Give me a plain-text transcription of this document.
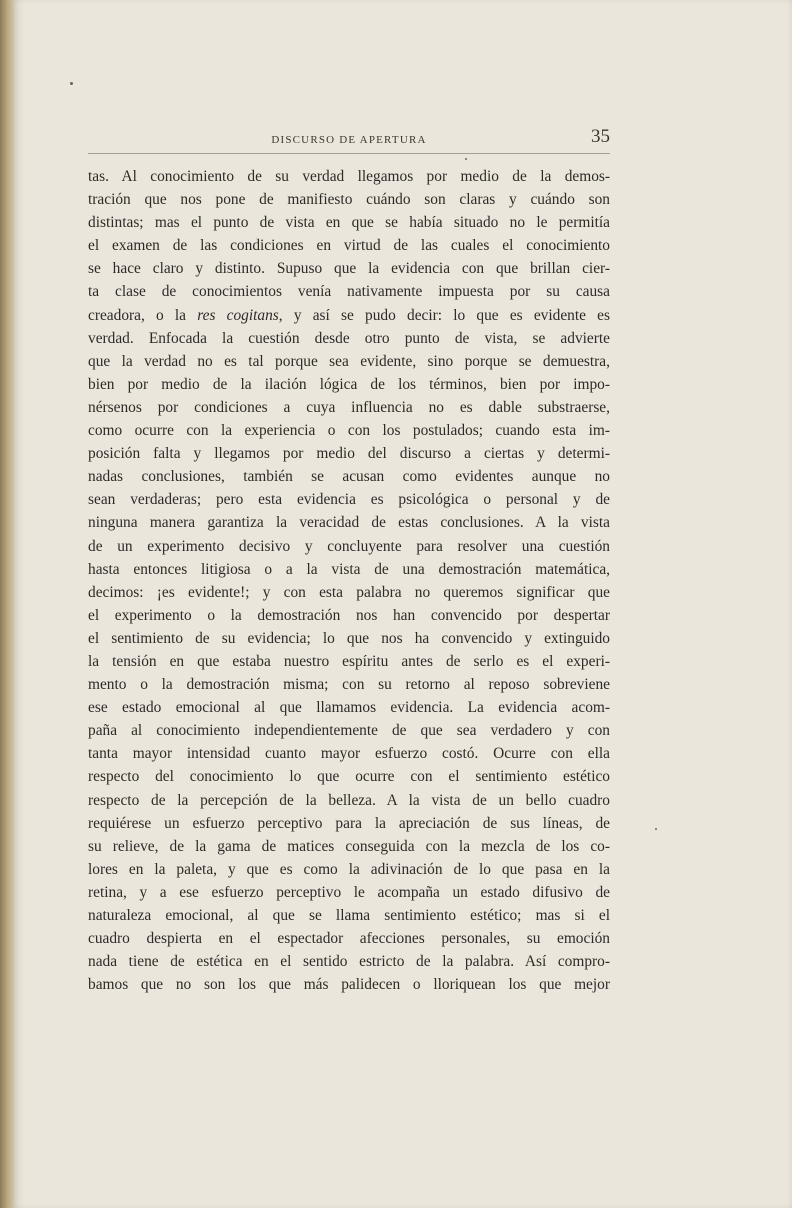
DISCURSO DE APERTURA	35
tas. Al conocimiento de su verdad llegamos por medio de la demos-
tración que nos pone de manifiesto cuándo son claras y cuándo son
distintas; mas el punto de vista en que se había situado no le permitía
el examen de las condiciones en virtud de las cuales el conocimiento
se hace claro y distinto. Supuso que la evidencia con que brillan cier-
ta clase de conocimientos venía nativamente impuesta por su causa
creadora, o la res cogitans, y así se pudo decir: lo que es evidente es
verdad. Enfocada la cuestión desde otro punto de vista, se advierte
que la verdad no es tal porque sea evidente, sino porque se demuestra,
bien por medio de la ilación lógica de los términos, bien por impo-
nérsenos por condiciones a cuya influencia no es dable substraerse,
como ocurre con la experiencia o con los postulados; cuando esta im-
posición falta y llegamos por medio del discurso a ciertas y determi-
nadas conclusiones, también se acusan como evidentes aunque no
sean verdaderas; pero esta evidencia es psicológica o personal y de
ninguna manera garantiza la veracidad de estas conclusiones. A la vista
de un experimento decisivo y concluyente para resolver una cuestión
hasta entonces litigiosa o a la vista de una demostración matemática,
decimos: ¡es evidente!; y con esta palabra no queremos significar que
el experimento o la demostración nos han convencido por despertar
el sentimiento de su evidencia; lo que nos ha convencido y extinguido
la tensión en que estaba nuestro espíritu antes de serlo es el experi-
mento o la demostración misma; con su retorno al reposo sobreviene
ese estado emocional al que llamamos evidencia. La evidencia acom-
paña al conocimiento independientemente de que sea verdadero y con
tanta mayor intensidad cuanto mayor esfuerzo costó. Ocurre con ella
respecto del conocimiento lo que ocurre con el sentimiento estético
respecto de la percepción de la belleza. A la vista de un bello cuadro
requiérese un esfuerzo perceptivo para la apreciación de sus líneas, de
su relieve, de la gama de matices conseguida con la mezcla de los co-
lores en la paleta, y que es como la adivinación de lo que pasa en la
retina, y a ese esfuerzo perceptivo le acompaña un estado difusivo de
naturaleza emocional, al que se llama sentimiento estético; mas si el
cuadro despierta en el espectador afecciones personales, su emoción
nada tiene de estética en el sentido estricto de la palabra. Así compro-
bamos que no son los que más palidecen o lloriquean los que mejor
